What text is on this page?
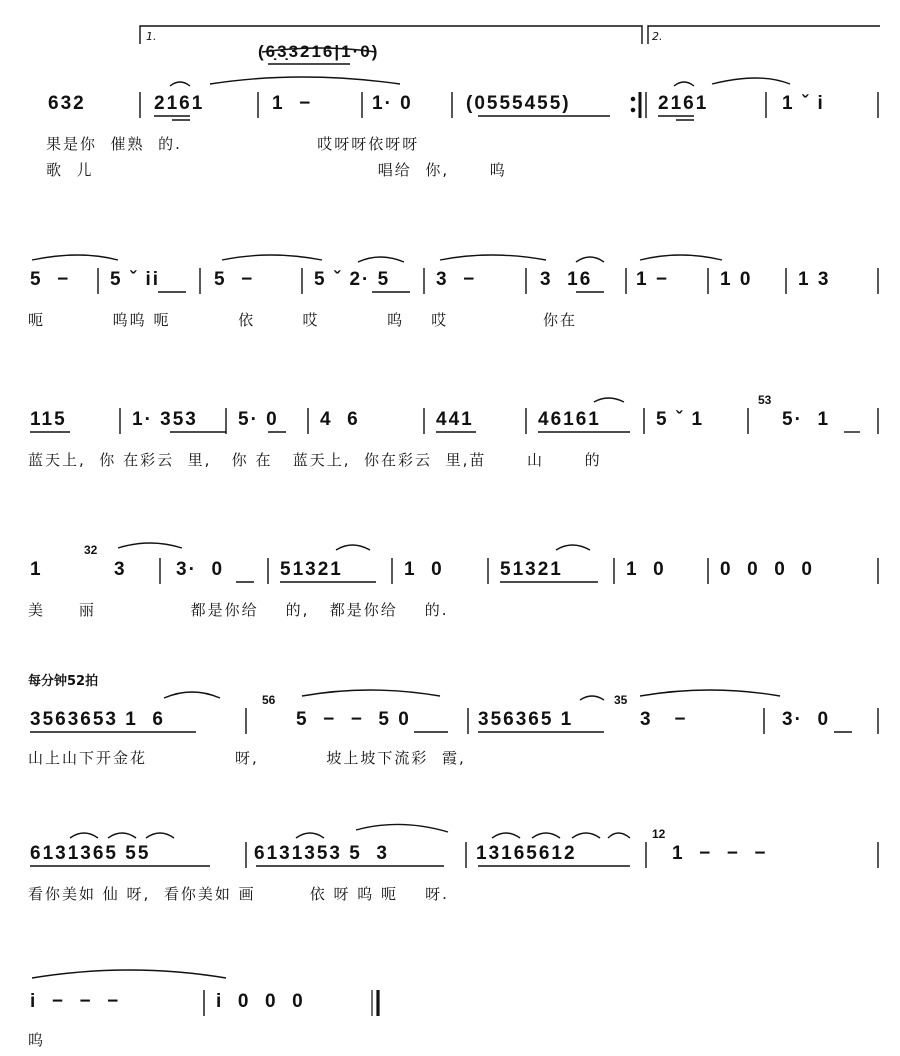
1.	2.
(6̣3̣3216|1·0)
632	2161	1  −	1· 0	(0555455)	2161	1 ˇ i
果是你  催熟  的.                    哎呀呀依呀呀
歌  儿                                          唱给  你,      呜
5  − 5 ˇ ii	5  −	5 ˇ 2· 5 3  −	3  16 1 −	1 0 1 3
呃          呜呜 呃          依       哎          呜    哎              你在
115	1· 353 5· 0 4  6	441	46161	5 ˇ 1	5·  1
53
蓝天上,  你 在彩云  里,   你 在   蓝天上,  你在彩云  里,苗      山      的
1	3	3·  0	51321	1  0	51321	1  0	0  0  0  0
32
美     丽              都是你给    的,   都是你给    的.
每分钟52拍
3563653 1  6	5  −  −  5 0	356365 1	3   −	3·  0
56	35
山上山下开金花             呀,          坡上坡下流彩  霞,
6131365 55	6131353 5  3	13165612	1  −  −  −
12
看你美如 仙 呀,  看你美如 画        依 呀 呜 呃    呀.
i  −  −  −	i  0  0  0
呜
